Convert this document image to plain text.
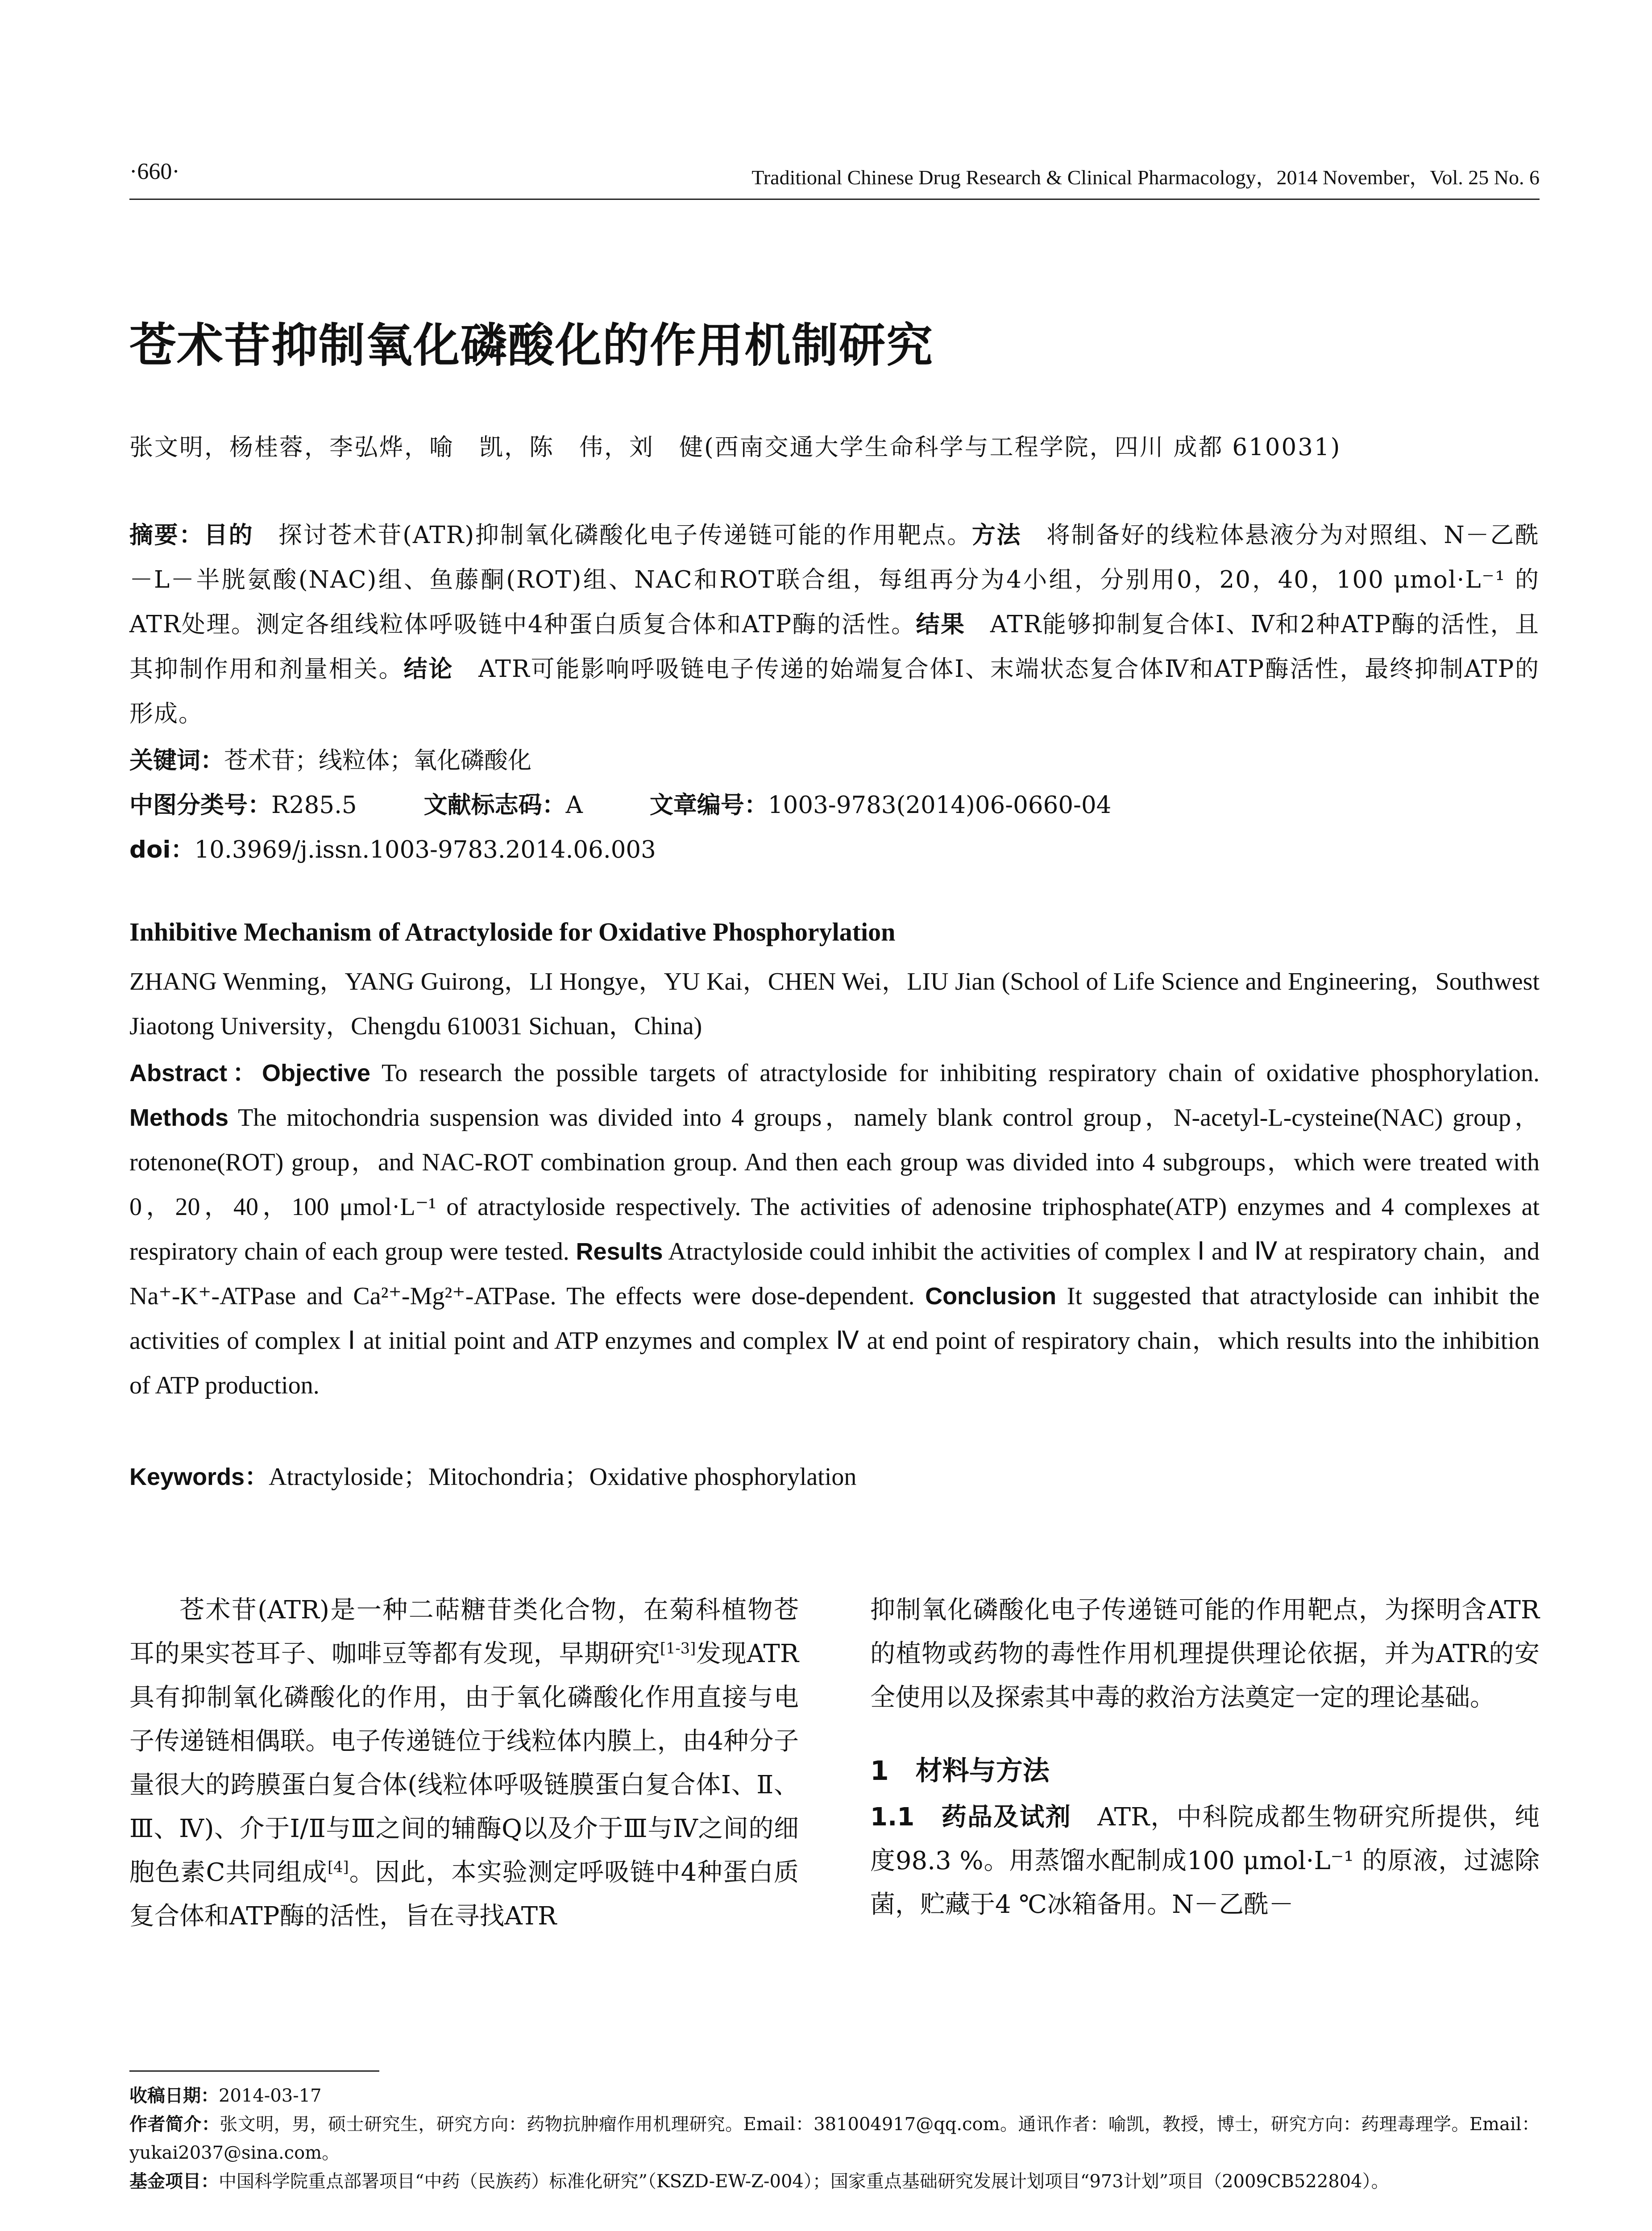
·660·	Traditional Chinese Drug Research & Clinical Pharmacology，2014 November，Vol. 25 No. 6
苍术苷抑制氧化磷酸化的作用机制研究
张文明，杨桂蓉，李弘烨，喻　凯，陈　伟，刘　健(西南交通大学生命科学与工程学院，四川 成都 610031)
摘要：目的　探讨苍术苷(ATR)抑制氧化磷酸化电子传递链可能的作用靶点。方法　将制备好的线粒体悬液分为对照组、N－乙酰－L－半胱氨酸(NAC)组、鱼藤酮(ROT)组、NAC和ROT联合组，每组再分为4小组，分别用0，20，40，100 μmol·L⁻¹ 的ATR处理。测定各组线粒体呼吸链中4种蛋白质复合体和ATP酶的活性。结果　ATR能够抑制复合体Ⅰ、Ⅳ和2种ATP酶的活性，且其抑制作用和剂量相关。结论　ATR可能影响呼吸链电子传递的始端复合体Ⅰ、末端状态复合体Ⅳ和ATP酶活性，最终抑制ATP的形成。
关键词：苍术苷；线粒体；氧化磷酸化
中图分类号：R285.5	文献标志码：A	文章编号：1003-9783(2014)06-0660-04
doi：10.3969/j.issn.1003-9783.2014.06.003
Inhibitive Mechanism of Atractyloside for Oxidative Phosphorylation
ZHANG Wenming，YANG Guirong，LI Hongye，YU Kai，CHEN Wei，LIU Jian (School of Life Science and Engineering，Southwest Jiaotong University，Chengdu 610031 Sichuan，China)
Abstract：Objective To research the possible targets of atractyloside for inhibiting respiratory chain of oxidative phosphorylation. Methods The mitochondria suspension was divided into 4 groups，namely blank control group，N-acetyl-L-cysteine(NAC) group，rotenone(ROT) group，and NAC-ROT combination group. And then each group was divided into 4 subgroups，which were treated with 0，20，40，100 μmol·L⁻¹ of atractyloside respectively. The activities of adenosine triphosphate(ATP) enzymes and 4 complexes at respiratory chain of each group were tested. Results Atractyloside could inhibit the activities of complex Ⅰ and Ⅳ at respiratory chain，and Na⁺-K⁺-ATPase and Ca²⁺-Mg²⁺-ATPase. The effects were dose-dependent. Conclusion It suggested that atractyloside can inhibit the activities of complex Ⅰ at initial point and ATP enzymes and complex Ⅳ at end point of respiratory chain，which results into the inhibition of ATP production.
Keywords：Atractyloside；Mitochondria；Oxidative phosphorylation

苍术苷(ATR)是一种二萜糖苷类化合物，在菊科植物苍耳的果实苍耳子、咖啡豆等都有发现，早期研究[1-3]发现ATR具有抑制氧化磷酸化的作用，由于氧化磷酸化作用直接与电子传递链相偶联。电子传递链位于线粒体内膜上，由4种分子量很大的跨膜蛋白复合体(线粒体呼吸链膜蛋白复合体Ⅰ、Ⅱ、Ⅲ、Ⅳ)、介于Ⅰ/Ⅱ与Ⅲ之间的辅酶Q以及介于Ⅲ与Ⅳ之间的细胞色素C共同组成[4]。因此，本实验测定呼吸链中4种蛋白质复合体和ATP酶的活性，旨在寻找ATR

抑制氧化磷酸化电子传递链可能的作用靶点，为探明含ATR的植物或药物的毒性作用机理提供理论依据，并为ATR的安全使用以及探索其中毒的救治方法奠定一定的理论基础。

1　材料与方法

1.1　药品及试剂　ATR，中科院成都生物研究所提供，纯度98.3 %。用蒸馏水配制成100 μmol·L⁻¹ 的原液，过滤除菌，贮藏于4 ℃冰箱备用。N－乙酰－

收稿日期：2014-03-17
作者简介：张文明，男，硕士研究生，研究方向：药物抗肿瘤作用机理研究。Email：381004917@qq.com。通讯作者：喻凯，教授，博士，研究方向：药理毒理学。Email：yukai2037@sina.com。
基金项目：中国科学院重点部署项目“中药（民族药）标准化研究”（KSZD-EW-Z-004）；国家重点基础研究发展计划项目“973计划”项目（2009CB522804）。
